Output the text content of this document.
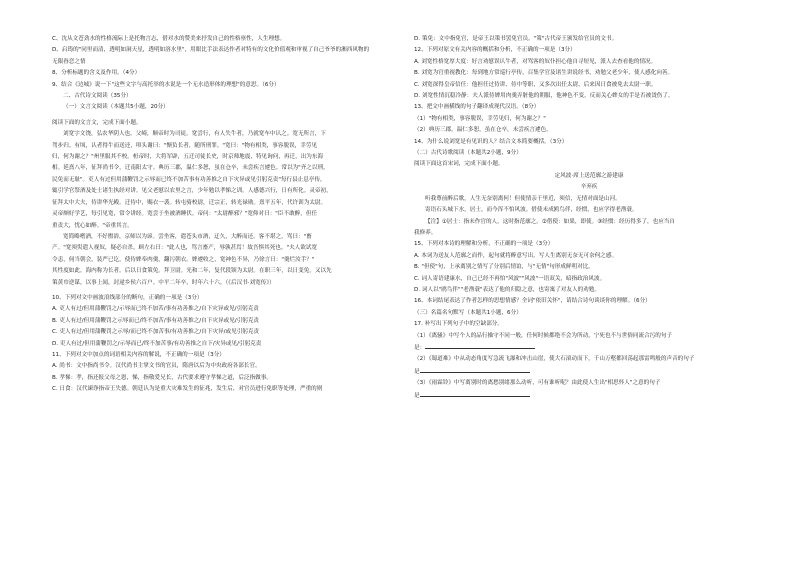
C、沈从文苍劲水的性格流际上是托物言志，借对水的赞美来抒发自己的性格禀性，人生理想。
D、启筠的"同里而清，透明如洞天星，透明如溶水里"，用眼比手法表达作者对特有的文化价值观和审视了自己爷爷的湘西风物的
无限眷恋之情
8、分析标题的含义及作用。（4分）
9、结合《边城》说一下"这些文字与高托举的水说是一个无水造形体的理想"的意思。（6分）
二、古代诗文阅读（35分）
（一）文言文阅读（本题共5小题，20分）
阅读下面的文言文，完成下面小题。
刘宽字文饶，弘农华阴人也。父崎，顺帝时为司徒。宽尝行，有人失牛者，乃就宽车中认之。宽无所言，下
驾步归。有顷，认者得牛而送还，叩头谢曰："惭负长者，随所刑罪。"宽曰："物有相类，事容脱误，幸劳见
归，何为谢之？"州里服其不校。桓帝时，大将军辟，五迁司徒长史，时京师地震，特见询问，再迁，出为东海
相。延熹八年，征拜尚书令，迁南阳太守。典历三郡，温仁多恕，虽在仓卒，未尝疾言遽色。常以为"齐之以刑，
民免而无耻"。吏人有过但用蒲鞭罚之示辱而已终不加苦事有功善推之自下灾异或见引躬克责"每行县止息亭传，
辄引学官祭酒及处士诸生执经对讲。见父老慰以农里之言，少年勉以孝悌之训。人感德兴行，日有所化。灵帝初，
征拜太中大夫，侍讲华光殿。迁侍中，赐衣一袭。转屯骑校尉，迁宗正，转光禄勋。熹平五年，代许训为太尉。
灵帝颇好学艺，每引见宽，常令讲经。宽尝于坐被酒睡伏。帝问："太尉醉邪？"宽仰对曰："臣不敢醉，但任
重责大，忧心如醉。"帝重其言。
宽简略嗜酒，不好盥浴，京师以为谚。尝坐客，遣苍头市酒，迂久，大醉而还。客不堪之，骂曰："畜
产。"宽须臾遣人视奴，疑必自杀。顾左右曰："此人也，骂言畜产，辱孰甚焉！故吾惧其死也。"夫人欲试宽
令恚，伺当朝会，装严已讫，使侍婢奉肉羹，翻污朝衣。婢遽收之，宽神色不异，乃徐言曰："羹烂汝手？"
其性度如此。海内称为长者。后以日食策免。拜卫尉。光和二年，复代段颎为太尉。在职三年，以日变免。又以先
策黄巾逆谋，以事上闻，封逯乡侯六百户。中平二年卒，时年六十六。（《后汉书·刘宽传》）
10、下列对文中画波浪线部分的断句，正确的一项是（3分）
A. 吏人有过/但用蒲鞭罚之/示辱而已终不加苦/事有功善推之/自下灾异或见/引躬克责
B. 吏人有过/但用蒲鞭罚之示辱而已/终不加苦/事有功善推之/自下灾异或见/引躬克责
C. 吏人有过/但用蒲鞭罚之示辱/而已终不加苦事/有功善推之/自下灾异/或见引躬克责
D. 吏人有过/但用蒲鞭罚之/示辱而已/终不加苦事/有功善推之自下/灾异或见/引躬克责
11、下列对文中加点的词语相关内容的解说，不正确的一项是（3分）
A. 尚书：文中指尚书令。汉代尚书主掌文书的官员，隋唐以后为中央政府各部长官。
B. 孝悌：孝，指还报父母之恩，悌，指敬爱兄长，古代要求遵守孝悌之道，后泛指做事。
C. 日食：汉代谏诤指帝王失德。朝廷认为是重大灾难发生的征兆，发生后，对官员进行免职等处理，严重的则
D. 策免：文中指免官，是帝王以策书罢免官员。"策"古代帝王颁发给官员的文书。
12、下列对原文有关内容的概括和分析，不正确的一项是（3分）
A. 刘宽性格宽厚大度：好言劝慰误认牛者，对骂客的奴仆担心他自寻短见，派人去查看他的情况。
B. 刘宽为官重视教化：每到地方常巡行亭传，召集学官及诸生讲说经书，劝勉父老少年，使人感化向善。
C. 刘宽深得皇帝信任：他担任过侍讲、侍中等职，又多次出任太尉，后来因日食被免去太尉一职。
D. 刘宽性情沉稳冷静：夫人派侍婢用肉羹弄脏他的朝服，他神色不变，反而关心婢女的手是否被烫伤了。
13、把文中画横线的句子翻译成现代汉语。（8分）
（1）"物有相类，事容脱误，幸劳见归，何为谢之？"
（2）典历三郡，温仁多恕，虽在仓卒，未尝疾言遽色。
14、为什么说刘宽是有见识的人？结合文本简要概括。（3分）
（二）古代诗歌阅读（本题共2小题，9分）
阅读下面这首宋词，完成下面小题。
定风波·席上送范廓之游建康
辛弃疾
听我尊前醉后歌，人生无奈别离何！但使情亲千里近，须信，无情对面是山河。
寄语石头城下水，居士，而今浑不怕风波。借使未成鸥鸟伴，经惯，也应学得老渔蓑。
【注】①居士：指未作官的人，这时指范廓之。②借使：如果，即使。③经惯：经历得多了，也应当自
我修养。
15、下列对本诗的理解和分析，不正确的一项是（3分）
A. 本词为送友人范廓之而作，起句就将醉意写出，写人生离别无奈无可奈何之感。
B. "但使"句，上承离别之情写了分别后情谊，与"无情"句形成鲜明对比。
C. 词人寄语建康水，自己已经不再怕"风波""风波"一语双关，暗指政治风波。
D. 词人以"鸥鸟伴""老渔蓑"表达了他的归隐之意，也寄寓了对友人的劝勉。
16、本词结尾表达了作者怎样的思想情感？全词"依旧关怀"，请结合诗句谈谈你的理解。（6分）
（三）名篇名句默写（本题共1小题，6分）
17. 补写出下列句子中的空缺部分。
（1）《离骚》中写个人的品行操守不同一般，任何时候都绝不会为所动，宁死也不与世俗同流合污的句子
是：
（2）《蜀道难》中从动态角度写急流飞瀑和冲击山崖，使大石滚动而下，千山万壑都回荡起那雷鸣般的声音的句子
是
（3）《雨霖铃》中写离别时的离愁别绪那么动听，可有谁听呢？由此使人生出"相思怀人"之意的句子
是
